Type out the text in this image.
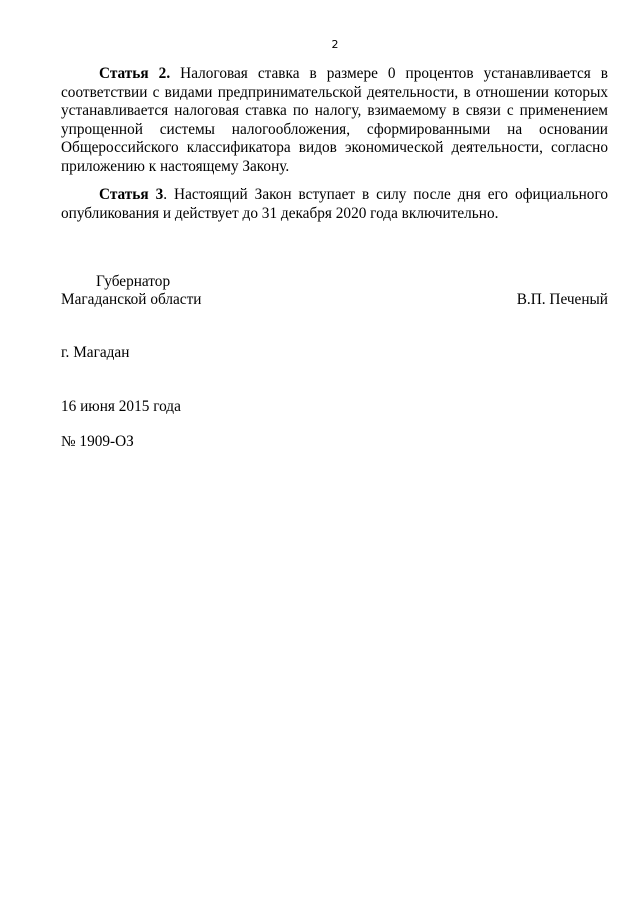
2

Статья 2. Налоговая ставка в размере 0 процентов устанавливается в соответствии с видами предпринимательской деятельности, в отношении которых устанавливается налоговая ставка по налогу, взимаемому в связи с применением упрощенной системы налогообложения, сформированными на основании Общероссийского классификатора видов экономической деятельности, согласно приложению к настоящему Закону.

Статья 3. Настоящий Закон вступает в силу после дня его официального опубликования и действует до 31 декабря 2020 года включительно.

Губернатор
Магаданской области	В.П. Печеный
г. Магадан
16 июня 2015 года
№ 1909-ОЗ
